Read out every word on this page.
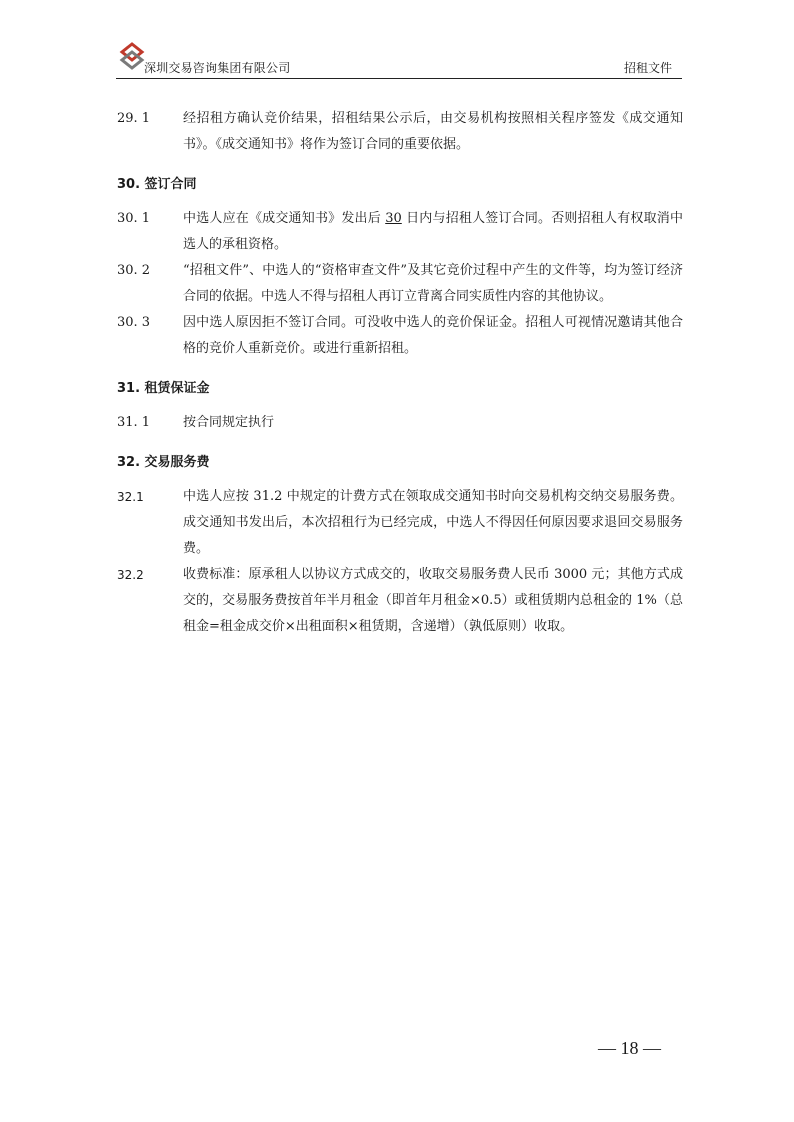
深圳交易咨询集团有限公司	招租文件
29. 1	经招租方确认竞价结果，招租结果公示后，由交易机构按照相关程序签发《成交通知书》。《成交通知书》将作为签订合同的重要依据。
30. 签订合同
30. 1	中选人应在《成交通知书》发出后 30 日内与招租人签订合同。否则招租人有权取消中选人的承租资格。
30. 2	“招租文件”、中选人的“资格审查文件”及其它竞价过程中产生的文件等，均为签订经济合同的依据。中选人不得与招租人再订立背离合同实质性内容的其他协议。
30. 3	因中选人原因拒不签订合同。可没收中选人的竞价保证金。招租人可视情况邀请其他合格的竞价人重新竞价。或进行重新招租。
31. 租赁保证金
31. 1	按合同规定执行
32. 交易服务费
32.1	中选人应按 31.2 中规定的计费方式在领取成交通知书时向交易机构交纳交易服务费。成交通知书发出后，本次招租行为已经完成，中选人不得因任何原因要求退回交易服务费。
32.2	收费标准：原承租人以协议方式成交的，收取交易服务费人民币 3000 元；其他方式成交的，交易服务费按首年半月租金（即首年月租金×0.5）或租赁期内总租金的 1%（总租金=租金成交价×出租面积×租赁期，含递增）（孰低原则）收取。
— 18 —
